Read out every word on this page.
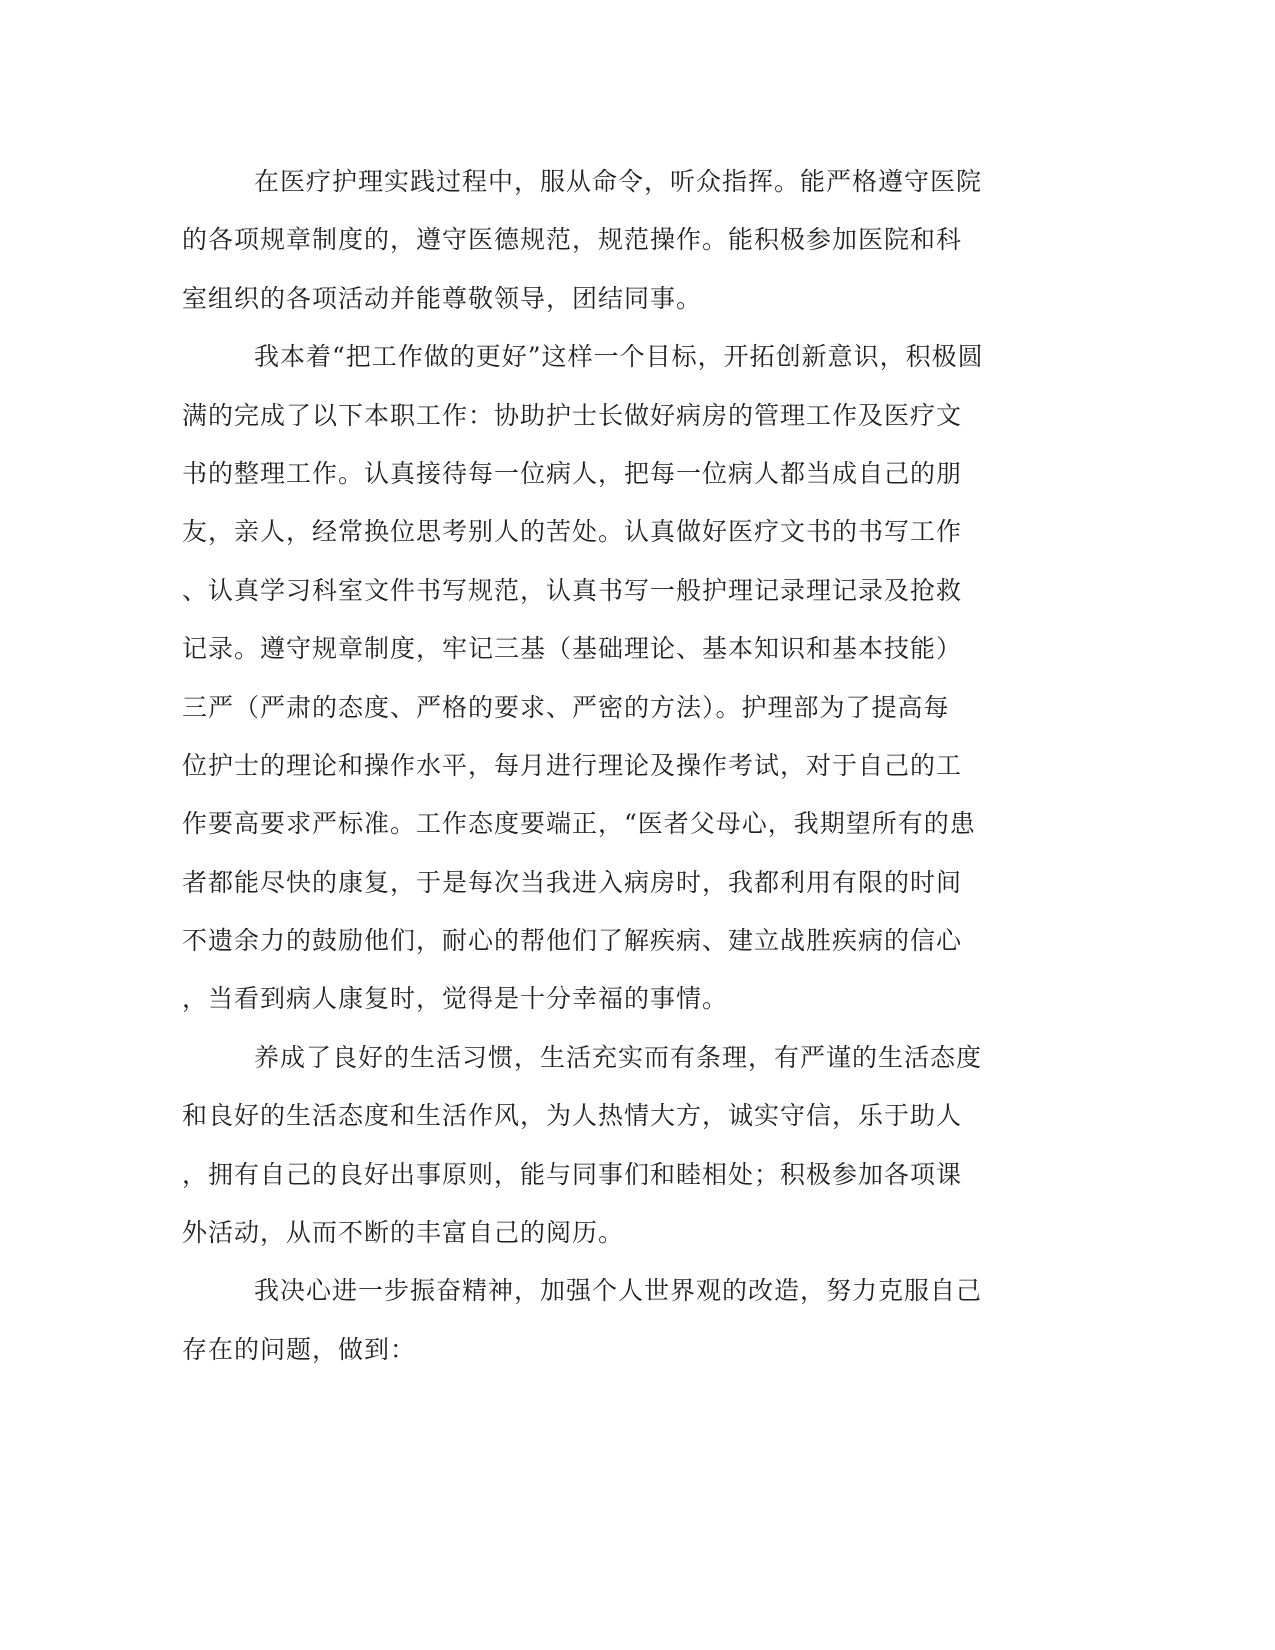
在医疗护理实践过程中，服从命令，听众指挥。能严格遵守医院
的各项规章制度的，遵守医德规范，规范操作。能积极参加医院和科
室组织的各项活动并能尊敬领导，团结同事。
我本着“把工作做的更好”这样一个目标，开拓创新意识，积极圆
满的完成了以下本职工作：协助护士长做好病房的管理工作及医疗文
书的整理工作。认真接待每一位病人，把每一位病人都当成自己的朋
友，亲人，经常换位思考别人的苦处。认真做好医疗文书的书写工作
、认真学习科室文件书写规范，认真书写一般护理记录理记录及抢救
记录。遵守规章制度，牢记三基（基础理论、基本知识和基本技能）
三严（严肃的态度、严格的要求、严密的方法）。护理部为了提高每
位护士的理论和操作水平，每月进行理论及操作考试，对于自己的工
作要高要求严标准。工作态度要端正，“医者父母心，我期望所有的患
者都能尽快的康复，于是每次当我进入病房时，我都利用有限的时间
不遗余力的鼓励他们，耐心的帮他们了解疾病、建立战胜疾病的信心
，当看到病人康复时，觉得是十分幸福的事情。
养成了良好的生活习惯，生活充实而有条理，有严谨的生活态度
和良好的生活态度和生活作风，为人热情大方，诚实守信，乐于助人
，拥有自己的良好出事原则，能与同事们和睦相处；积极参加各项课
外活动，从而不断的丰富自己的阅历。
我决心进一步振奋精神，加强个人世界观的改造，努力克服自己
存在的问题，做到：
